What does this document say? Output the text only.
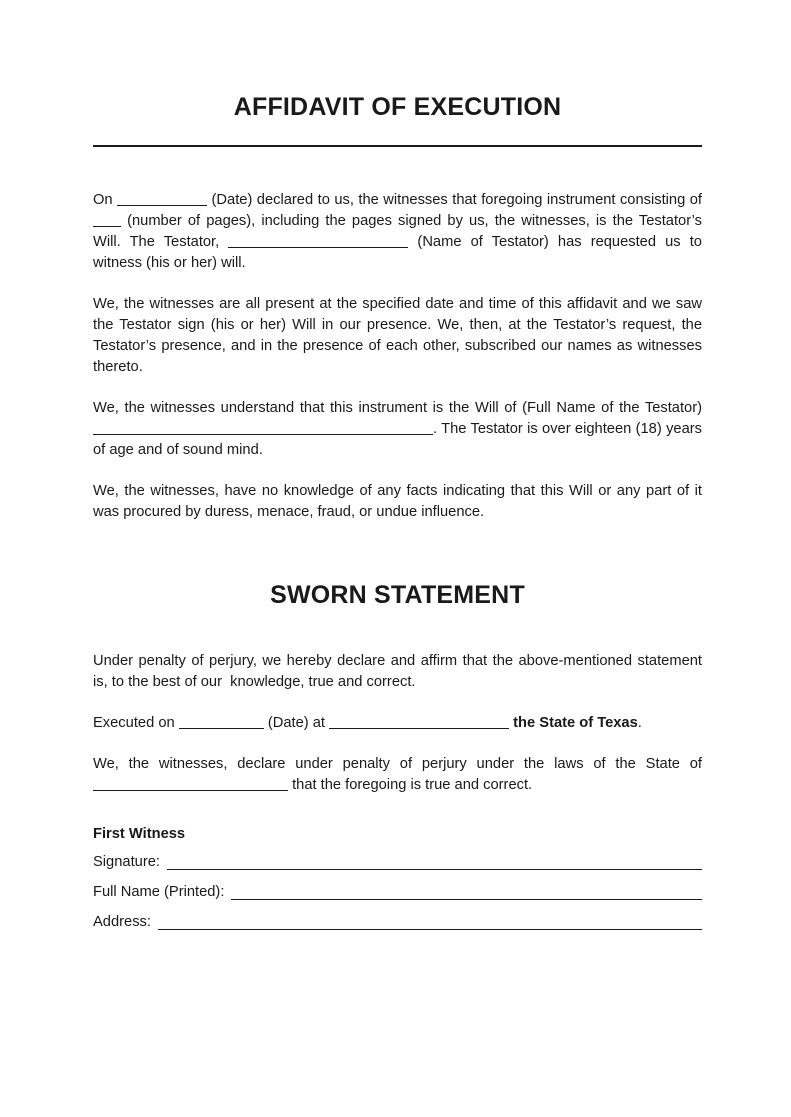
AFFIDAVIT OF EXECUTION

On	(Date) declared to us, the witnesses that foregoing instrument consisting of  (number of pages), including the pages signed by us, the witnesses, is the Testator’s Will. The Testator,	(Name of Testator) has requested us to witness (his or her) will.

We, the witnesses are all present at the specified date and time of this affidavit and we saw the Testator sign (his or her) Will in our presence. We, then, at the Testator’s request, the Testator’s presence, and in the presence of each other, subscribed our names as witnesses thereto.

We, the witnesses understand that this instrument is the Will of (Full Name of the Testator) . The Testator is over eighteen (18) years of age and of sound mind.

We, the witnesses, have no knowledge of any facts indicating that this Will or any part of it was procured by duress, menace, fraud, or undue influence.

SWORN STATEMENT

Under penalty of perjury, we hereby declare and affirm that the above-mentioned statement is, to the best of our  knowledge, true and correct.

Executed on	(Date) at	the State of Texas.

We, the witnesses, declare under penalty of perjury under the laws of the State of  that the foregoing is true and correct.

First Witness
Signature:
Full Name (Printed):
Address:
